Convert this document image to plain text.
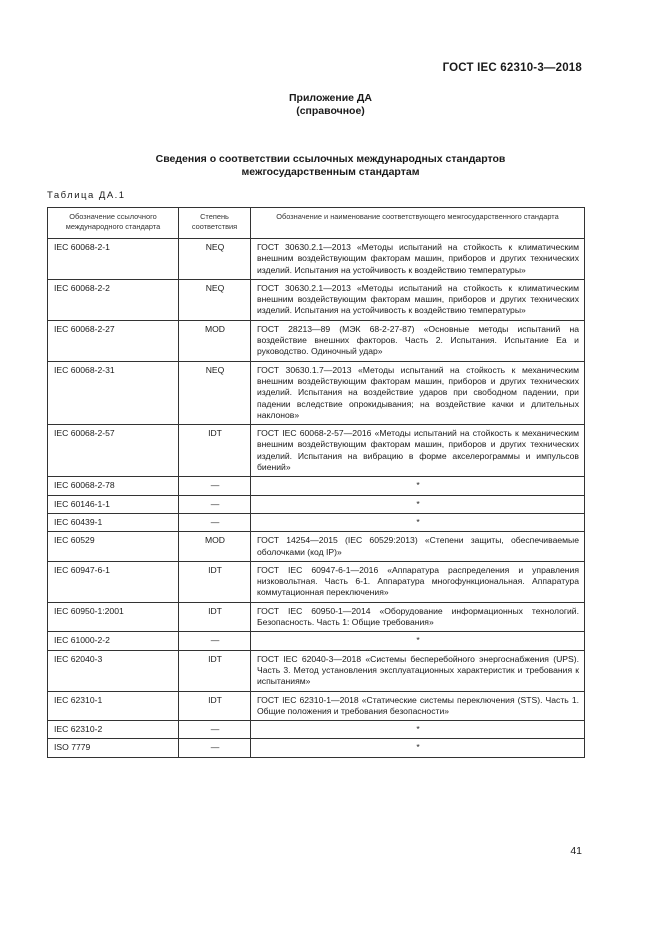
ГОСТ IEC 62310-3—2018
Приложение ДА
(справочное)
Сведения о соответствии ссылочных международных стандартов
межгосударственным стандартам
Таблица ДА.1
Обозначение ссылочного международного стандарта	Степень соответствия	Обозначение и наименование соответствующего межгосударственного стандарта
IEC 60068-2-1	NEQ	ГОСТ 30630.2.1—2013 «Методы испытаний на стойкость к климатическим внешним воздействующим факторам машин, приборов и других технических изделий. Испытания на устойчивость к воздействию температуры»
IEC 60068-2-2	NEQ	ГОСТ 30630.2.1—2013 «Методы испытаний на стойкость к климатическим внешним воздействующим факторам машин, приборов и других технических изделий. Испытания на устойчивость к воздействию температуры»
IEC 60068-2-27	MOD	ГОСТ 28213—89 (МЭК 68-2-27-87) «Основные методы испытаний на воздействие внешних факторов. Часть 2. Испытания. Испытание Еа и руководство. Одиночный удар»
IEC 60068-2-31	NEQ	ГОСТ 30630.1.7—2013 «Методы испытаний на стойкость к механическим внешним воздействующим факторам машин, приборов и других технических изделий. Испытания на воздействие ударов при свободном падении, при падении вследствие опрокидывания; на воздействие качки и длительных наклонов»
IEC 60068-2-57	IDT	ГОСТ IEC 60068-2-57—2016 «Методы испытаний на стойкость к механическим внешним воздействующим факторам машин, приборов и других технических изделий. Испытания на вибрацию в форме акселерограммы и импульсов биений»
IEC 60068-2-78	—	*
IEC 60146-1-1	—	*
IEC 60439-1	—	*
IEC 60529	MOD	ГОСТ 14254—2015 (IEC 60529:2013) «Степени защиты, обеспечиваемые оболочками (код IP)»
IEC 60947-6-1	IDT	ГОСТ IEC 60947-6-1—2016 «Аппаратура распределения и управления низковольтная. Часть 6-1. Аппаратура многофункциональная. Аппаратура коммутационная переключения»
IEC 60950-1:2001	IDT	ГОСТ IEC 60950-1—2014 «Оборудование информационных технологий. Безопасность. Часть 1: Общие требования»
IEC 61000-2-2	—	*
IEC 62040-3	IDT	ГОСТ IEC 62040-3—2018 «Системы бесперебойного энергоснабжения (UPS). Часть 3. Метод установления эксплуатационных характеристик и требования к испытаниям»
IEC 62310-1	IDT	ГОСТ IEC 62310-1—2018 «Статические системы переключения (STS). Часть 1. Общие положения и требования безопасности»
IEC 62310-2	—	*
ISO 7779	—	*
41
